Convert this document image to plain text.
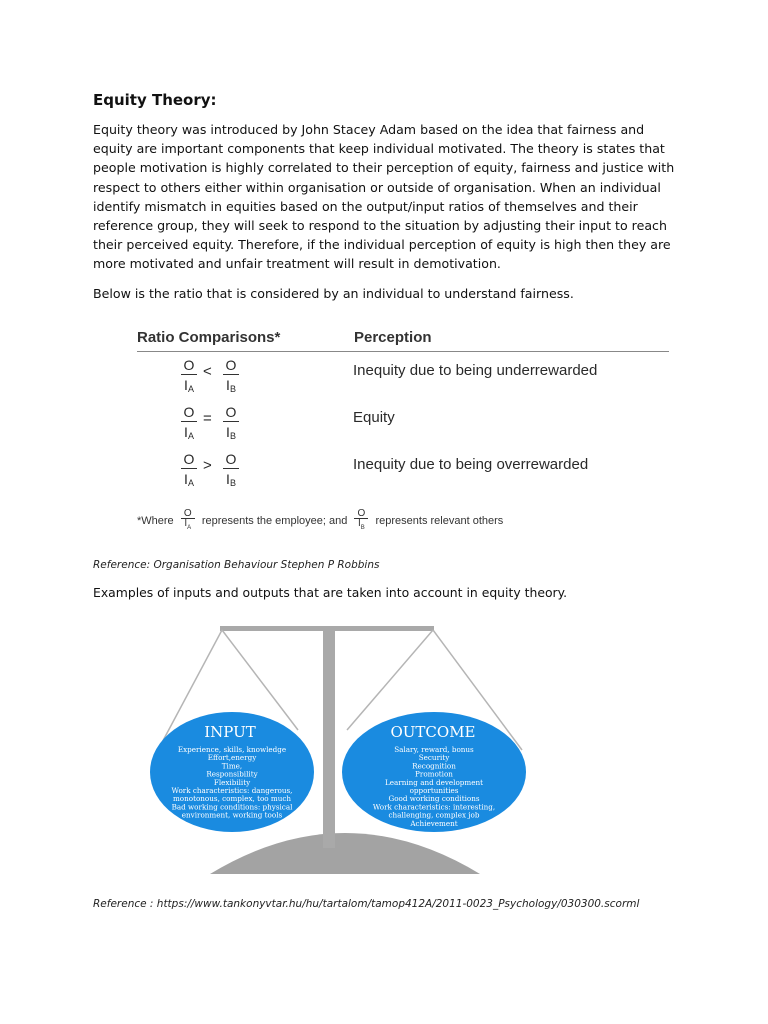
Equity Theory:

Equity theory was introduced by John Stacey Adam based on the idea that fairness and equity are important components that keep individual motivated. The theory is states that people motivation is highly correlated to their perception of equity, fairness and justice with respect to others either within organisation or outside of organisation. When an individual identify mismatch in equities based on the output/input ratios of themselves and their reference group, they will seek to respond to the situation by adjusting their input to reach their perceived equity. Therefore, if the individual perception of equity is high then they are more motivated and unfair treatment will result in demotivation.

Below is the ratio that is considered by an individual to understand fairness.

Ratio Comparisons*	Perception
O
$I_A$
< O
$I_B$
Inequity due to being underrewarded
O
$I_A$
= O
$I_B$
Equity
O
$I_A$
> O
$I_B$
Inequity due to being overrewarded
*Where $\frac{O}{I_A}$ represents the employee; and $\frac{O}{I_B}$ represents relevant others
Reference: Organisation Behaviour Stephen P Robbins
Examples of inputs and outputs that are taken into account in equity theory.
INPUT
Experience, skills, knowledge
Effort,energy
Time,
Responsibility
Flexibility
Work characteristics: dangerous,
monotonous, complex, too much
Bad working conditions: physical
environment, working tools
OUTCOME
Salary, reward, bonus
Security
Recognition
Promotion
Learning and development
opportunities
Good working conditions
Work characteristics: interesting,
challenging, complex job
Achievement
Reference : https://www.tankonyvtar.hu/hu/tartalom/tamop412A/2011-0023_Psychology/030300.scorml
